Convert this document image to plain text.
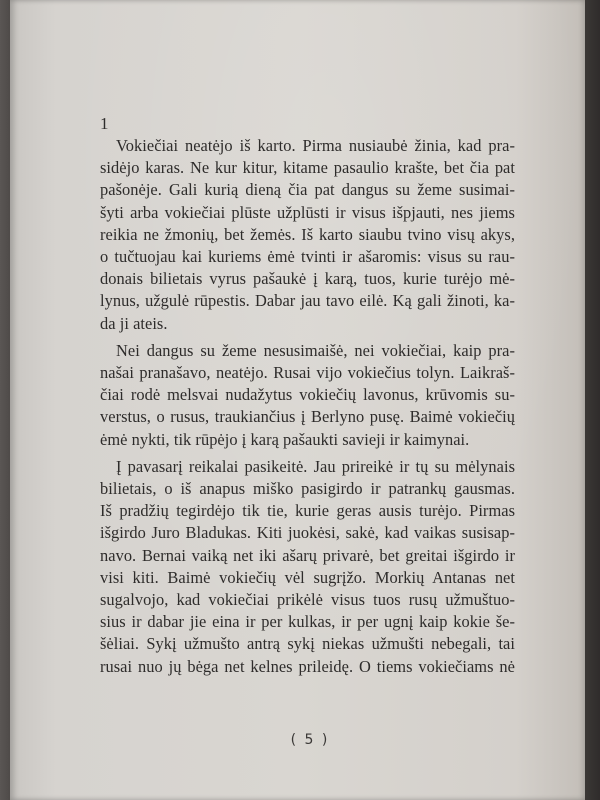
1

Vokiečiai neatėjo iš karto. Pirma nusiaubė žinia, kad pra-
sidėjo karas. Ne kur kitur, kitame pasaulio krašte, bet čia pat
pašonėje. Gali kurią dieną čia pat dangus su žeme susimai-
šyti arba vokiečiai plūste užplūsti ir visus išpjauti, nes jiems
reikia ne žmonių, bet žemės. Iš karto siaubu tvino visų akys,
o tučtuojau kai kuriems ėmė tvinti ir ašaromis: visus su rau-
donais bilietais vyrus pašaukė į karą, tuos, kurie turėjo mė-
lynus, užgulė rūpestis. Dabar jau tavo eilė. Ką gali žinoti, ka-
da ji ateis.

Nei dangus su žeme nesusimaišė, nei vokiečiai, kaip pra-
našai pranašavo, neatėjo. Rusai vijo vokiečius tolyn. Laikraš-
čiai rodė melsvai nudažytus vokiečių lavonus, krūvomis su-
verstus, o rusus, traukiančius į Berlyno pusę. Baimė vokiečių
ėmė nykti, tik rūpėjo į karą pašaukti savieji ir kaimynai.

Į pavasarį reikalai pasikeitė. Jau prireikė ir tų su mėlynais
bilietais, o iš anapus miško pasigirdo ir patrankų gausmas.
Iš pradžių tegirdėjo tik tie, kurie geras ausis turėjo. Pirmas
išgirdo Juro Bladukas. Kiti juokėsi, sakė, kad vaikas susisap-
navo. Bernai vaiką net iki ašarų privarė, bet greitai išgirdo ir
visi kiti. Baimė vokiečių vėl sugrįžo. Morkių Antanas net
sugalvojo, kad vokiečiai prikėlė visus tuos rusų užmuštuo-
sius ir dabar jie eina ir per kulkas, ir per ugnį kaip kokie še-
šėliai. Sykį užmušto antrą sykį niekas užmušti nebegali, tai
rusai nuo jų bėga net kelnes prileidę. O tiems vokiečiams nė

( 5 )
